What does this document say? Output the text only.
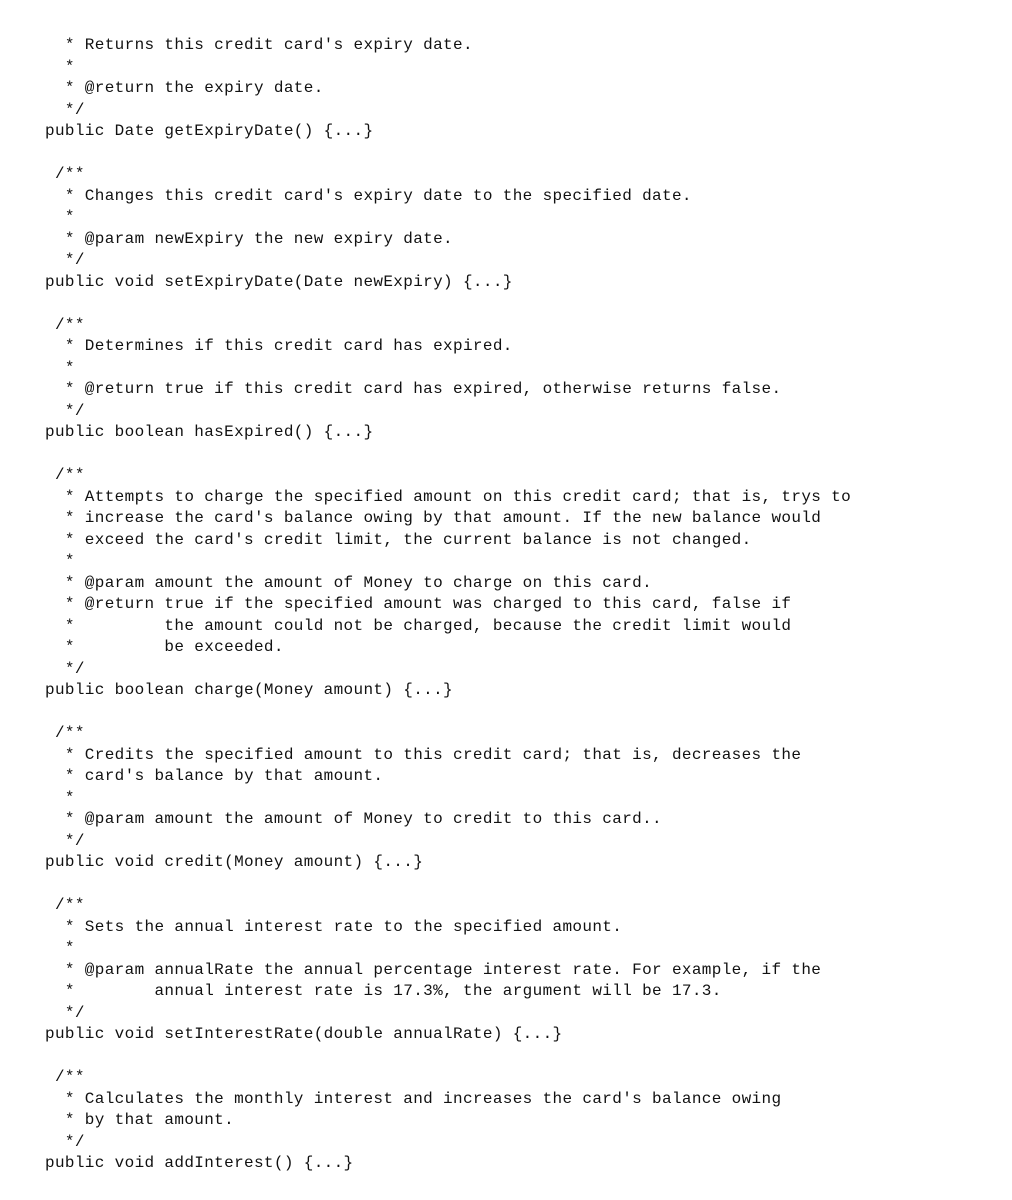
* Returns this credit card's expiry date.
*
* @return the expiry date.
*/
public Date getExpiryDate() {...}
/**
* Changes this credit card's expiry date to the specified date.
*
* @param newExpiry the new expiry date.
*/
public void setExpiryDate(Date newExpiry) {...}
/**
* Determines if this credit card has expired.
*
* @return true if this credit card has expired, otherwise returns false.
*/
public boolean hasExpired() {...}
/**
* Attempts to charge the specified amount on this credit card; that is, trys to
* increase the card's balance owing by that amount. If the new balance would
* exceed the card's credit limit, the current balance is not changed.
*
* @param amount the amount of Money to charge on this card.
* @return true if the specified amount was charged to this card, false if
*         the amount could not be charged, because the credit limit would
*         be exceeded.
*/
public boolean charge(Money amount) {...}
/**
* Credits the specified amount to this credit card; that is, decreases the
* card's balance by that amount.
*
* @param amount the amount of Money to credit to this card..
*/
public void credit(Money amount) {...}
/**
* Sets the annual interest rate to the specified amount.
*
* @param annualRate the annual percentage interest rate. For example, if the
*        annual interest rate is 17.3%, the argument will be 17.3.
*/
public void setInterestRate(double annualRate) {...}
/**
* Calculates the monthly interest and increases the card's balance owing
* by that amount.
*/
public void addInterest() {...}
